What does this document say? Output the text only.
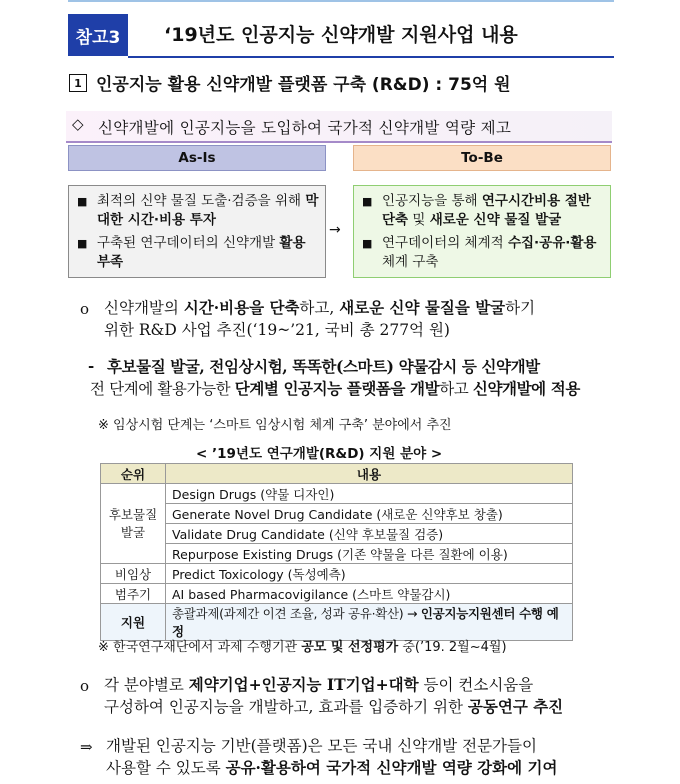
참고3	‘19년도 인공지능 신약개발 지원사업 내용
1 인공지능 활용 신약개발 플랫폼 구축 (R&D) : 75억 원
◇ 신약개발에 인공지능을 도입하여 국가적 신약개발 역량 제고
As-Is	To-Be
■ 최적의 신약 물질 도출·검증을 위해 막대한 시간·비용 투자
■ 구축된 연구데이터의 신약개발 활용 부족
→
■ 인공지능을 통해 연구시간비용 절반 단축 및 새로운 신약 물질 발굴
■ 연구데이터의 체계적 수집·공유·활용 체계 구축
o 신약개발의 시간·비용을 단축하고, 새로운 신약 물질을 발굴하기
위한 R&D 사업 추진(‘19~’21, 국비 총 277억 원)
- 후보물질 발굴, 전임상시험, 똑똑한(스마트) 약물감시 등 신약개발
전 단계에 활용가능한 단계별 인공지능 플랫폼을 개발하고 신약개발에 적용
※ 임상시험 단계는 ‘스마트 임상시험 체계 구축’ 분야에서 추진
< ’19년도 연구개발(R&D) 지원 분야 >
순위	내용
후보물질 발굴	Design Drugs (약물 디자인)
	Generate Novel Drug Candidate (새로운 신약후보 창출)
	Validate Drug Candidate (신약 후보물질 검증)
	Repurpose Existing Drugs (기존 약물을 다른 질환에 이용)
비임상	Predict Toxicology (독성예측)
범주기	AI based Pharmacovigilance (스마트 약물감시)
지원	총괄과제(과제간 이견 조율, 성과 공유·확산) → 인공지능지원센터 수행 예정
※ 한국연구재단에서 과제 수행기관 공모 및 선정평가 중(’19. 2월~4월)
o 각 분야별로 제약기업+인공지능 IT기업+대학 등이 컨소시움을
구성하여 인공지능을 개발하고, 효과를 입증하기 위한 공동연구 추진
⇒ 개발된 인공지능 기반(플랫폼)은 모든 국내 신약개발 전문가들이
사용할 수 있도록 공유·활용하여 국가적 신약개발 역량 강화에 기여
